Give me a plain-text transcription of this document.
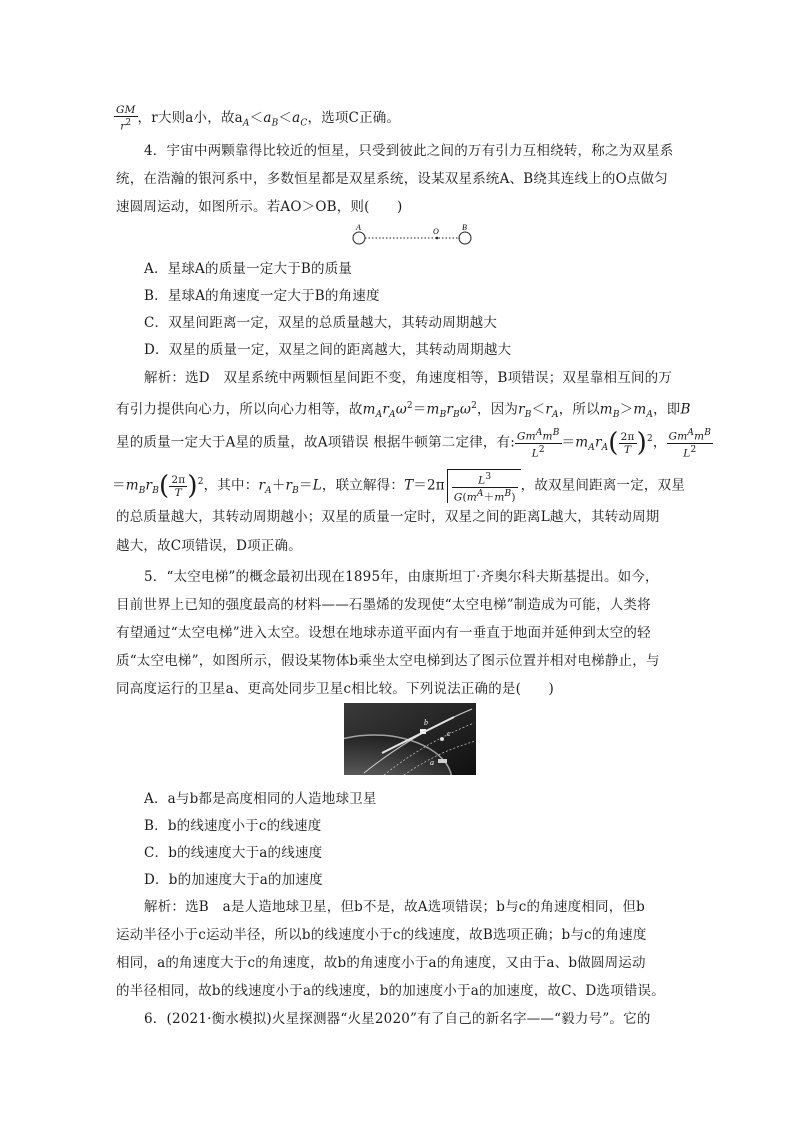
$\frac{GM}{r^2}$ ，r大则a小，故$a_A<a_B<a_C$，选项C正确。
4．宇宙中两颗靠得比较近的恒星，只受到彼此之间的万有引力互相绕转，称之为双星系
统，在浩瀚的银河系中，多数恒星都是双星系统，设某双星系统A、B绕其连线上的O点做匀
速圆周运动，如图所示。若AO＞OB，则(　　)
A	O	B
A．星球A的质量一定大于B的质量
B．星球A的角速度一定大于B的角速度
C．双星间距离一定，双星的总质量越大，其转动周期越大
D．双星的质量一定，双星之间的距离越大，其转动周期越大
解析：选D　双星系统中两颗恒星间距不变，角速度相等，B项错误；双星靠相互间的万
有引力提供向心力，所以向心力相等，故$m_Ar_A\omega^2=m_Br_B\omega^2$，因为$r_B<r_A$，所以$m_B>m_A$，即B
星的质量一定大于A星的质量，故A项错误 根据牛顿第二定律，有: $\frac{Gm^Am^B}{L^2} =m_Ar_A( \frac{2\pi}{T} )^2$， $\frac{Gm^Am^B}{L^2}$
$=m_Br_B( \frac{2\pi}{T} )^2$，其中：$r_A+r_B=L$，联立解得：$T=2\pi \frac{L^3}{G(m^A+m^B)}$ ，故双星间距离一定，双星
的总质量越大，其转动周期越小；双星的质量一定时，双星之间的距离L越大，其转动周期
越大，故C项错误，D项正确。
5．“太空电梯”的概念最初出现在1895年，由康斯坦丁·齐奥尔科夫斯基提出。如今，
目前世界上已知的强度最高的材料——石墨烯的发现使“太空电梯”制造成为可能，人类将
有望通过“太空电梯”进入太空。设想在地球赤道平面内有一垂直于地面并延伸到太空的轻
质“太空电梯”，如图所示，假设某物体b乘坐太空电梯到达了图示位置并相对电梯静止，与
同高度运行的卫星a、更高处同步卫星c相比较。下列说法正确的是(　　)
b
c
a
A．a与b都是高度相同的人造地球卫星
B．b的线速度小于c的线速度
C．b的线速度大于a的线速度
D．b的加速度大于a的加速度
解析：选B　a是人造地球卫星，但b不是，故A选项错误；b与c的角速度相同，但b
运动半径小于c运动半径，所以b的线速度小于c的线速度，故B选项正确；b与c的角速度
相同，a的角速度大于c的角速度，故b的角速度小于a的角速度，又由于a、b做圆周运动
的半径相同，故b的线速度小于a的线速度，b的加速度小于a的加速度，故C、D选项错误。
6．(2021·衡水模拟)火星探测器“火星2020”有了自己的新名字——“毅力号”。它的
